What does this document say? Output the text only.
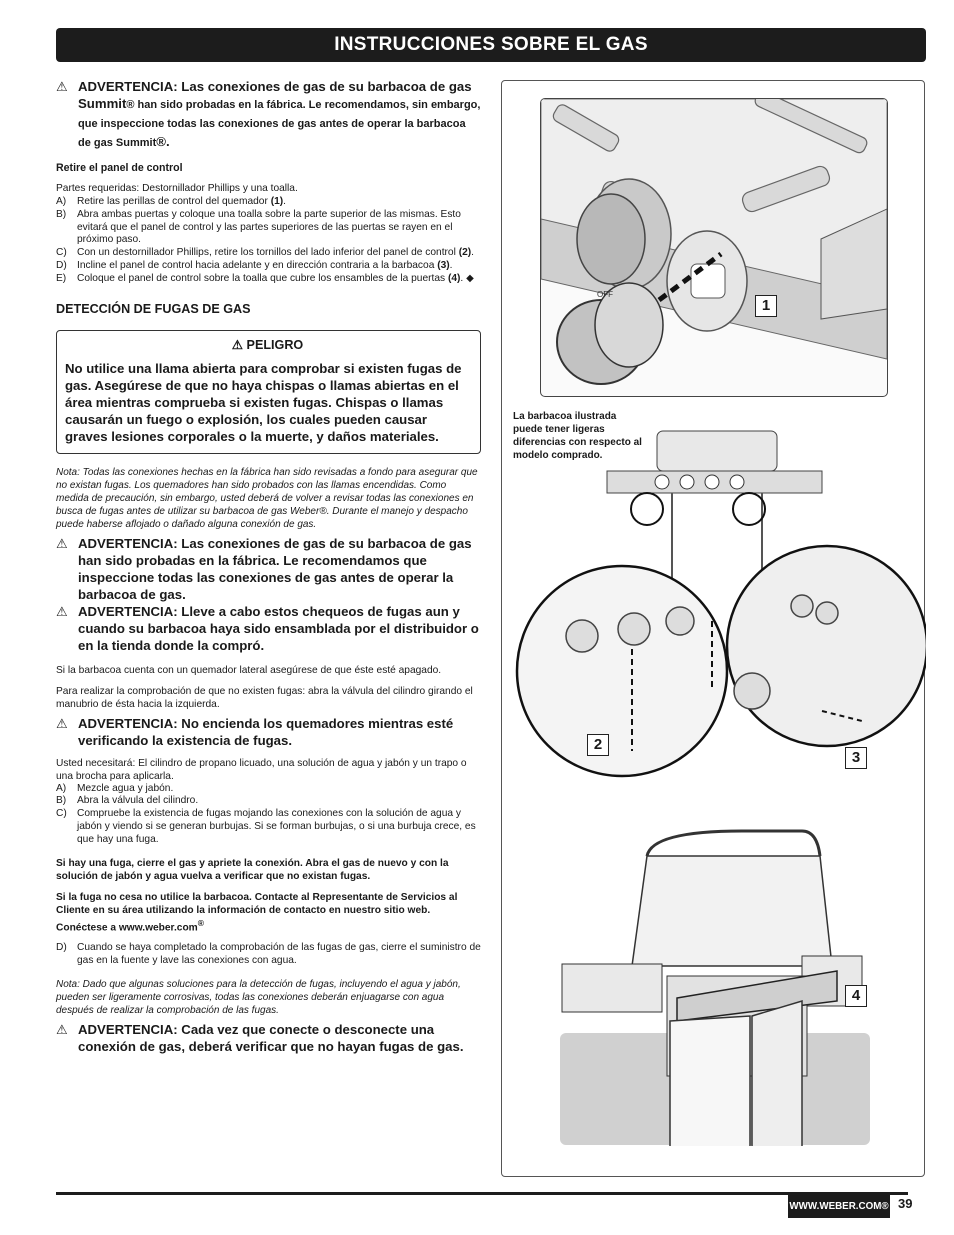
INSTRUCCIONES SOBRE EL GAS
⚠ ADVERTENCIA: Las conexiones de gas de su barbacoa de gas Summit® han sido probadas en la fábrica. Le recomendamos, sin embargo, que inspeccione todas las conexiones de gas antes de operar la barbacoa de gas Summit®.

Retire el panel de control
Partes requeridas: Destornillador Phillips y una toalla.
A) Retire las perillas de control del quemador (1).
B) Abra ambas puertas y coloque una toalla sobre la parte superior de las mismas. Esto evitará que el panel de control y las partes superiores de las puertas se rayen en el próximo paso.
C) Con un destornillador Phillips, retire los tornillos del lado inferior del panel de control (2).
D) Incline el panel de control hacia adelante y en dirección contraria a la barbacoa (3).
E) Coloque el panel de control sobre la toalla que cubre los ensambles de la puertas (4). ◆
DETECCIÓN DE FUGAS DE GAS
⚠ PELIGRO
No utilice una llama abierta para comprobar si existen fugas de gas. Asegúrese de que no haya chispas o llamas abiertas en el área mientras comprueba si existen fugas. Chispas o llamas causarán un fuego o explosión, los cuales pueden causar graves lesiones corporales o la muerte, y daños materiales.
Nota: Todas las conexiones hechas en la fábrica han sido revisadas a fondo para asegurar que no existan fugas. Los quemadores han sido probados con las llamas encendidas. Como medida de precaución, sin embargo, usted deberá de volver a revisar todas las conexiones en busca de fugas antes de utilizar su barbacoa de gas Weber®. Durante el manejo y despacho puede haberse aflojado o dañado alguna conexión de gas.
⚠ ADVERTENCIA: Las conexiones de gas de su barbacoa de gas han sido probadas en la fábrica. Le recomendamos que inspeccione todas las conexiones de gas antes de operar la barbacoa de gas.

⚠ ADVERTENCIA: Lleve a cabo estos chequeos de fugas aun y cuando su barbacoa haya sido ensamblada por el distribuidor o en la tienda donde la compró.

Si la barbacoa cuenta con un quemador lateral asegúrese de que éste esté apagado.
Para realizar la comprobación de que no existen fugas: abra la válvula del cilindro girando el manubrio de ésta hacia la izquierda.
⚠ ADVERTENCIA: No encienda los quemadores mientras esté verificando la existencia de fugas.

Usted necesitará: El cilindro de propano licuado, una solución de agua y jabón y un trapo o una brocha para aplicarla.
A) Mezcle agua y jabón.
B) Abra la válvula del cilindro.
C) Compruebe la existencia de fugas mojando las conexiones con la solución de agua y jabón y viendo si se generan burbujas. Si se forman burbujas, o si una burbuja crece, es que hay una fuga.
Si hay una fuga, cierre el gas y apriete la conexión. Abra el gas de nuevo y con la solución de jabón y agua vuelva a verificar que no existan fugas.
Si la fuga no cesa no utilice la barbacoa. Contacte al Representante de Servicios al Cliente en su área utilizando la información de contacto en nuestro sitio web. Conéctese a www.weber.com®
D) Cuando se haya completado la comprobación de las fugas de gas, cierre el suministro de gas en la fuente y lave las conexiones con agua.
Nota: Dado que algunas soluciones para la detección de fugas, incluyendo el agua y jabón, pueden ser ligeramente corrosivas, todas las conexiones deberán enjuagarse con agua después de realizar la comprobación de las fugas.
⚠ ADVERTENCIA: Cada vez que conecte o desconecte una conexión de gas, deberá verificar que no hayan fugas de gas.

OFF
1
La barbacoa ilustrada puede tener ligeras diferencias con respecto al modelo comprado.
2
3
4
WWW.WEBER.COM® 39
